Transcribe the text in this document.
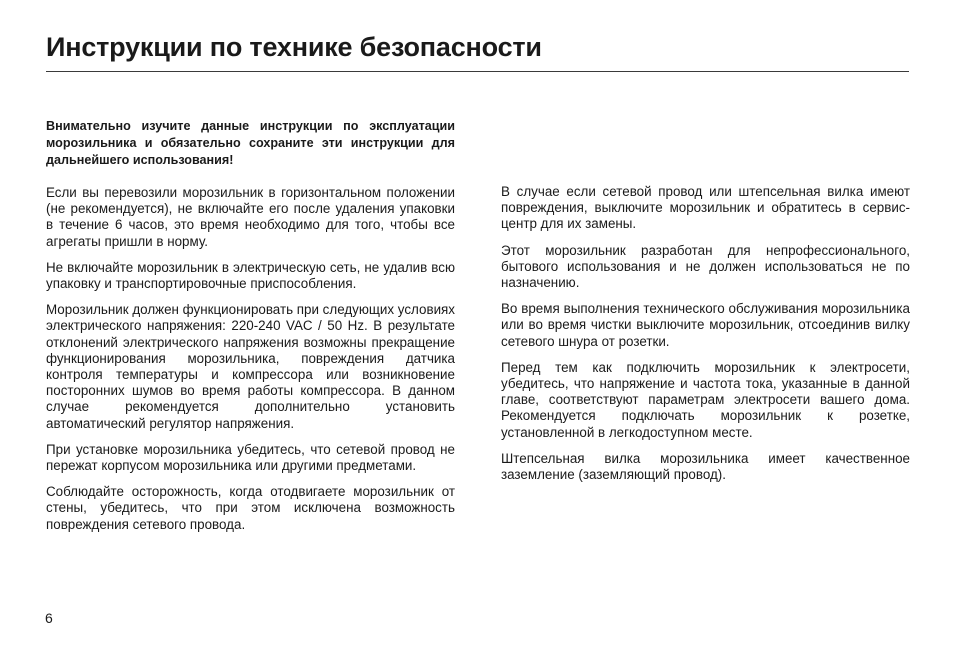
Инструкции по технике безопасности

Внимательно изучите данные инструкции по эксплуатации морозильника и обязательно сохраните эти инструкции для дальнейшего использования!

Если вы перевозили морозильник в горизонтальном положении (не рекомендуется), не включайте его после удаления упаковки в течение 6 часов, это время необходимо для того, чтобы все агрегаты пришли в норму.

Не включайте морозильник в электрическую сеть, не удалив всю упаковку и транспортировочные приспособления.

Морозильник должен функционировать при следующих условиях электрического напряжения: 220-240 VAC / 50 Hz. В результате отклонений электрического напряжения возможны прекращение функционирования морозильника, повреждения датчика контроля температуры и компрессора или возникновение посторонних шумов во время работы компрессора. В данном случае рекомендуется дополнительно установить автоматический регулятор напряжения.

При установке морозильника убедитесь, что сетевой провод не пережат корпусом морозильника или другими предметами.

Соблюдайте осторожность, когда отодвигаете морозильник от стены, убедитесь, что при этом исключена возможность повреждения сетевого провода.

В случае если сетевой провод или штепсельная вилка имеют повреждения, выключите морозильник и обратитесь в сервис-центр для их замены.

Этот морозильник разработан для непрофессионального, бытового использования и не должен использоваться не по назначению.

Во время выполнения технического обслуживания морозильника или во время чистки выключите морозильник, отсоединив вилку сетевого шнура от розетки.

Перед тем как подключить морозильник к электросети, убедитесь, что напряжение и частота тока, указанные в данной главе, соответствуют параметрам электросети вашего дома. Рекомендуется подключать морозильник к розетке, установленной в легкодоступном месте.

Штепсельная вилка морозильника имеет качественное заземление (заземляющий провод).

6
